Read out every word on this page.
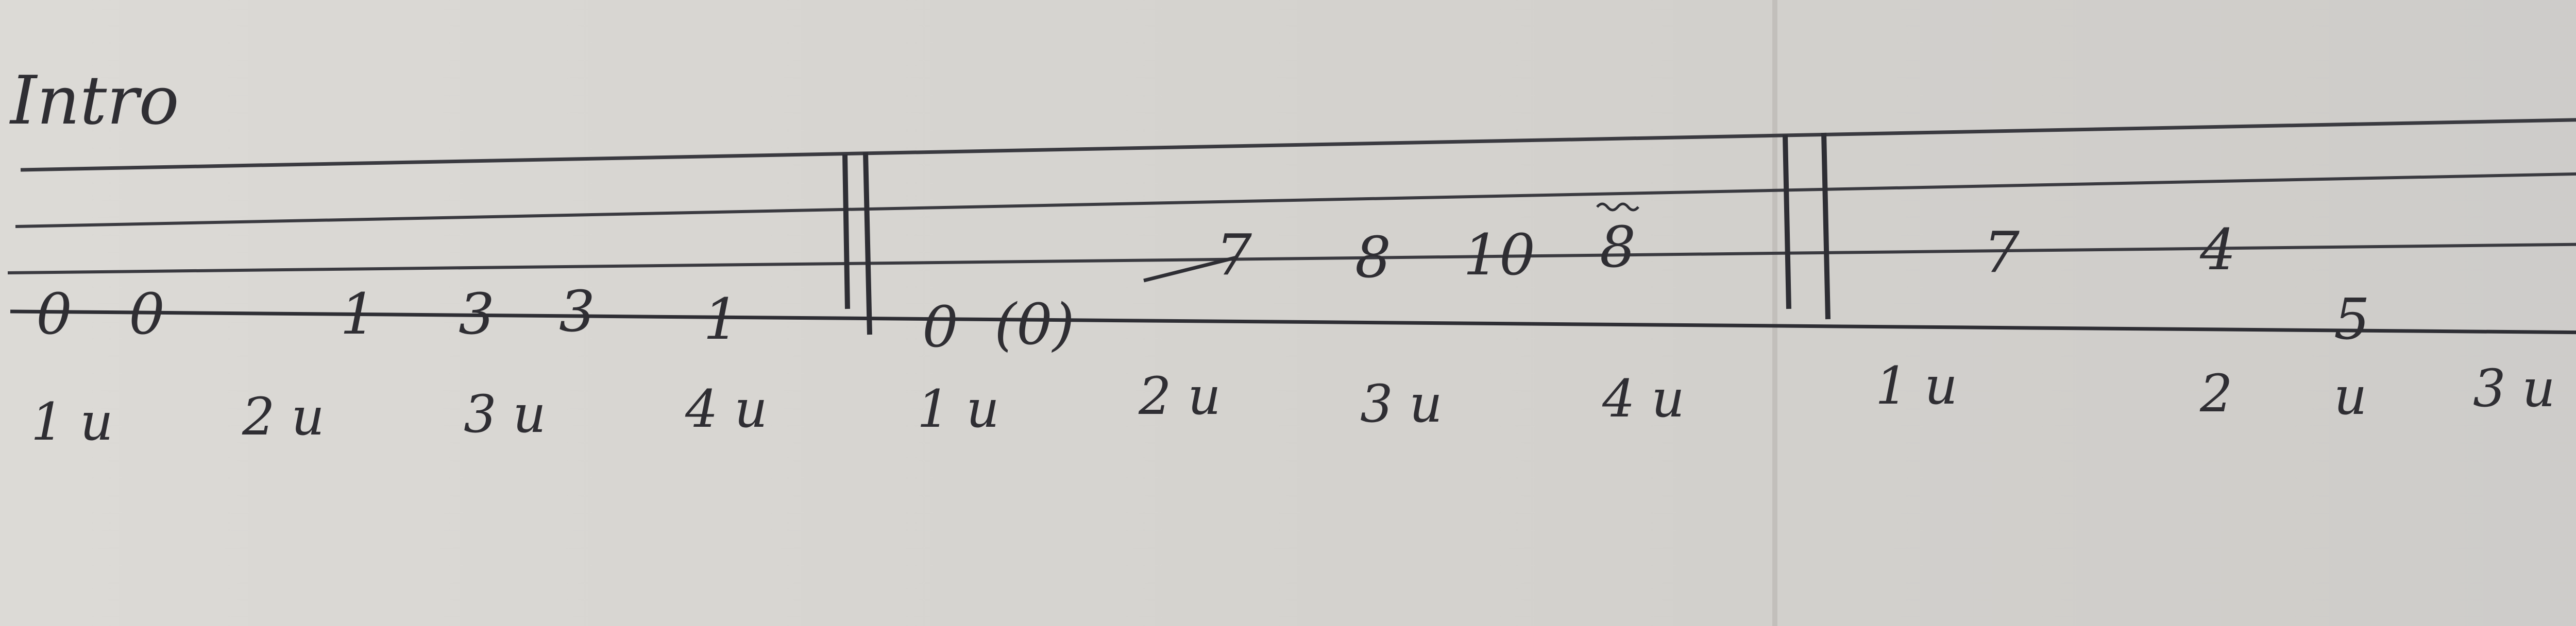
Intro
0 0	1 3 3 1
1 u	2 u	3 u	4 u
0 (0)
7 8 10 8
1 u	2 u	3 u	4 u
7	4
5
1 u	2 u 3 u
